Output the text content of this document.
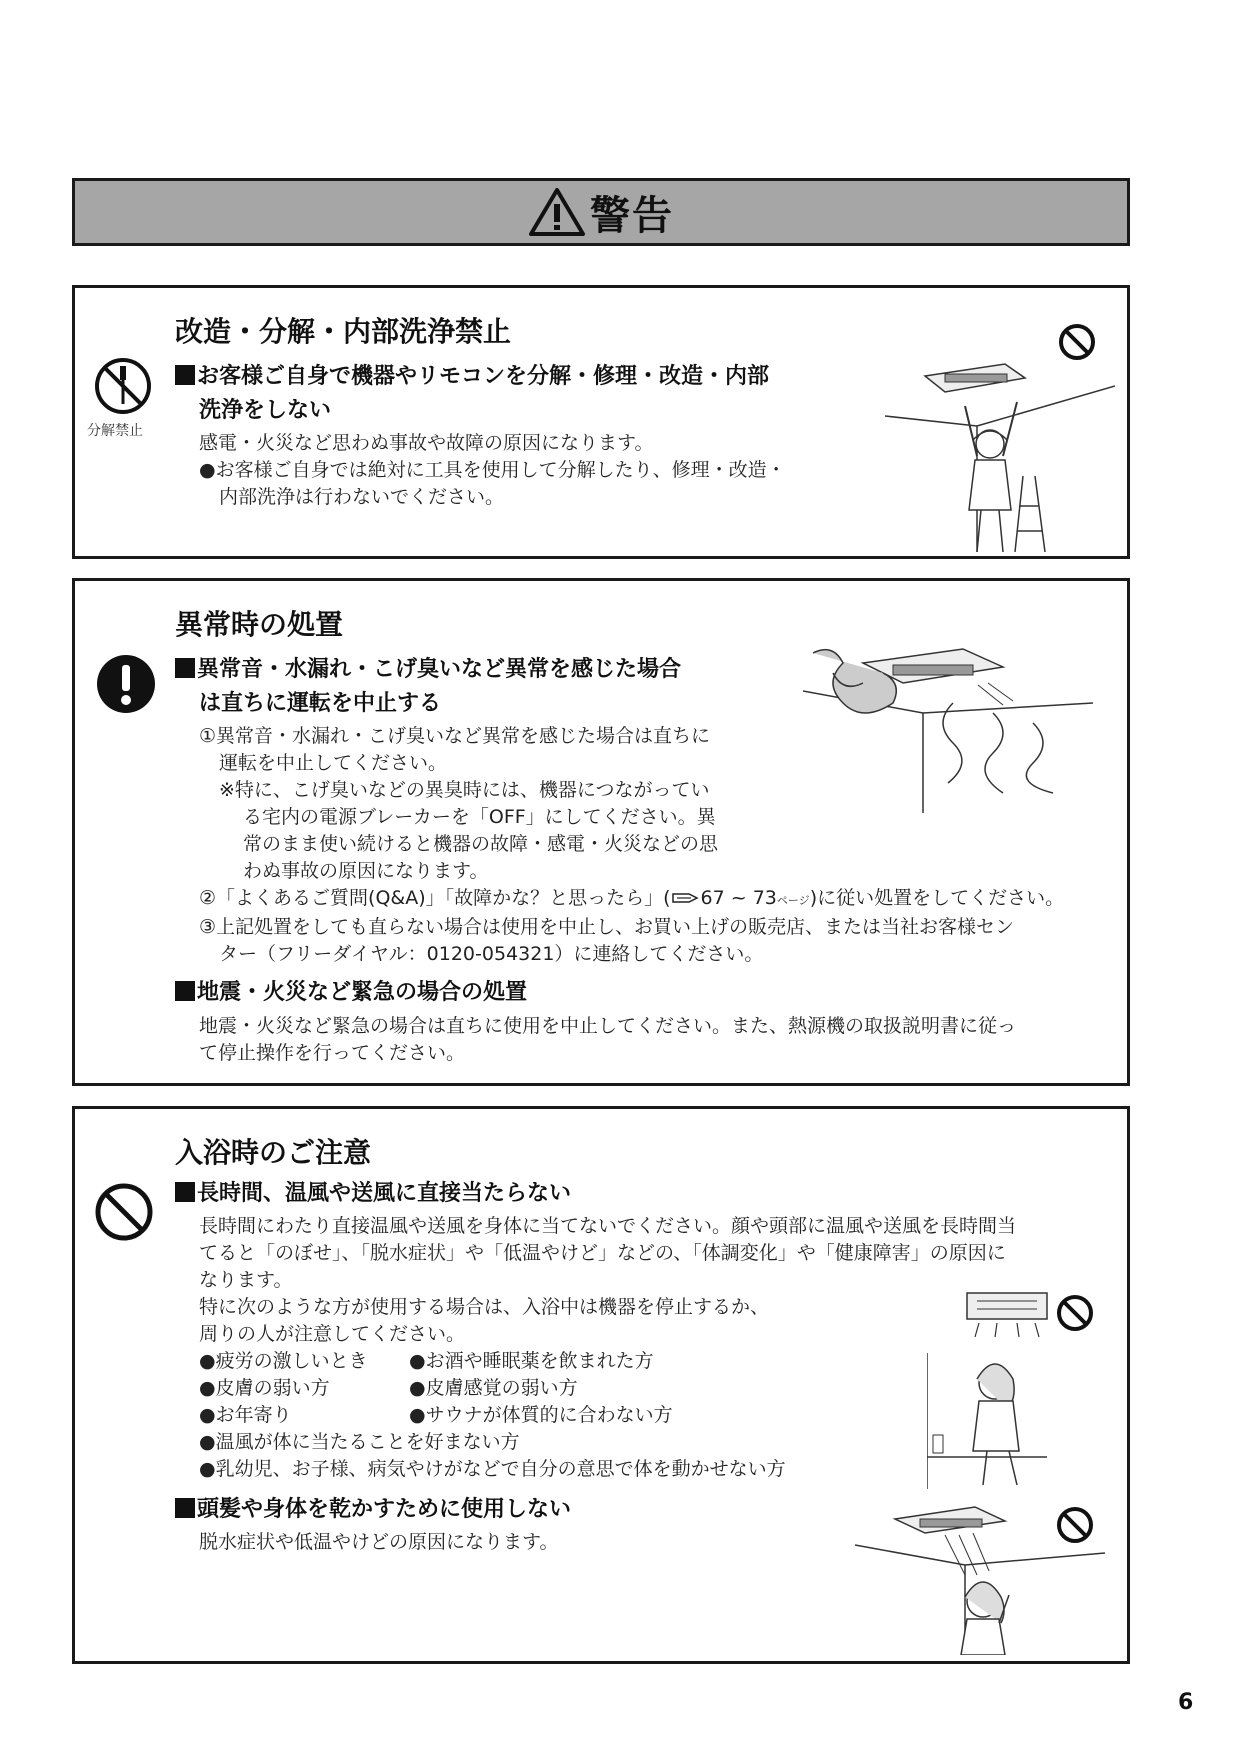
警告
改造・分解・内部洗浄禁止
分解禁止
お客様ご自身で機器やリモコンを分解・修理・改造・内部
洗浄をしない
感電・火災など思わぬ事故や故障の原因になります。
●お客様ご自身では絶対に工具を使用して分解したり、修理・改造・
内部洗浄は行わないでください。
異常時の処置
異常音・水漏れ・こげ臭いなど異常を感じた場合
は直ちに運転を中止する
①異常音・水漏れ・こげ臭いなど異常を感じた場合は直ちに
運転を中止してください。
※特に、こげ臭いなどの異臭時には、機器につながってい
る宅内の電源ブレーカーを「OFF」にしてください。異
常のまま使い続けると機器の故障・感電・火災などの思
わぬ事故の原因になります。
②「よくあるご質問(Q&A)」「故障かな？と思ったら」( 67 ~ 73ページ)に従い処置をしてください。
③上記処置をしても直らない場合は使用を中止し、お買い上げの販売店、または当社お客様セン
ター（フリーダイヤル：0120-054321）に連絡してください。
地震・火災など緊急の場合の処置
地震・火災など緊急の場合は直ちに使用を中止してください。また、熱源機の取扱説明書に従っ
て停止操作を行ってください。
入浴時のご注意
長時間、温風や送風に直接当たらない
長時間にわたり直接温風や送風を身体に当てないでください。顔や頭部に温風や送風を長時間当
てると「のぼせ」、「脱水症状」や「低温やけど」などの、「体調変化」や「健康障害」の原因に
なります。
特に次のような方が使用する場合は、入浴中は機器を停止するか、
周りの人が注意してください。
●疲労の激しいとき
●皮膚の弱い方
●お年寄り
●お酒や睡眠薬を飲まれた方
●皮膚感覚の弱い方
●サウナが体質的に合わない方
●温風が体に当たることを好まない方
●乳幼児、お子様、病気やけがなどで自分の意思で体を動かせない方
頭髪や身体を乾かすために使用しない
脱水症状や低温やけどの原因になります。
6
